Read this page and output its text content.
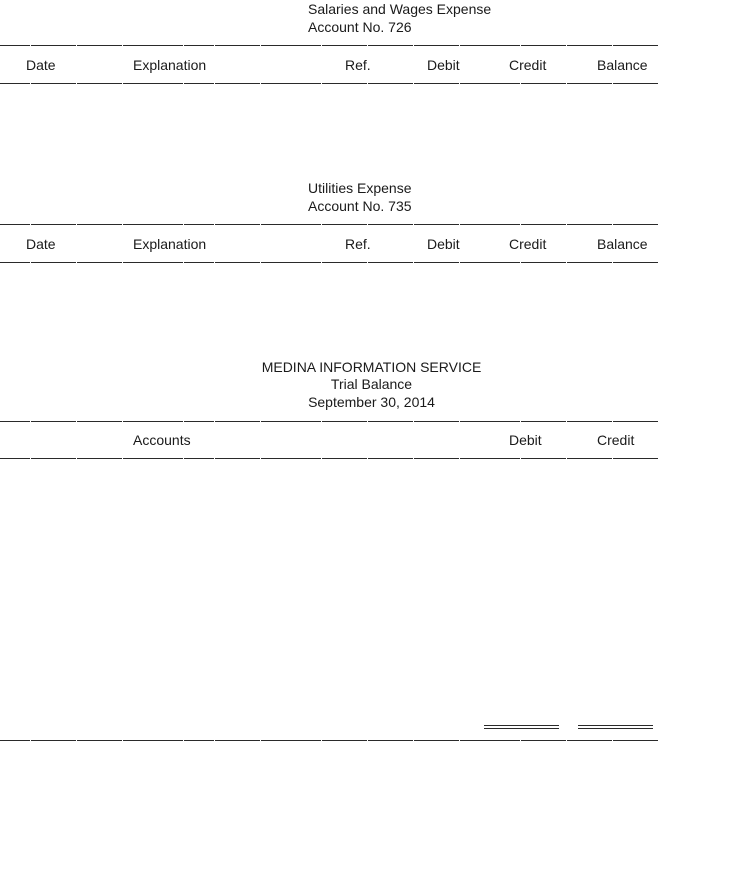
Salaries and Wages Expense
Account No. 726
Date	Explanation	Ref.	Debit	Credit	Balance
Utilities Expense
Account No. 735
Date	Explanation	Ref.	Debit	Credit	Balance
MEDINA INFORMATION SERVICE
Trial Balance
September 30, 2014
Accounts	Debit	Credit
